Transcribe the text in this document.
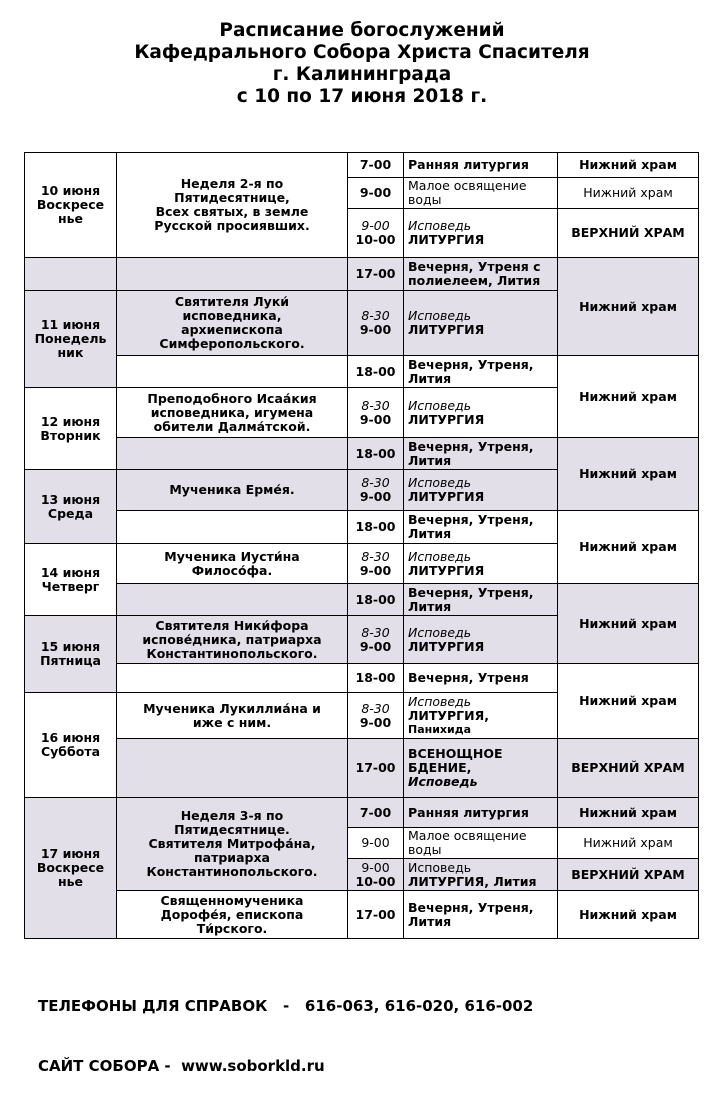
Расписание богослужений
Кафедрального Собора Христа Спасителя
г. Калининграда
с 10 по 17 июня 2018 г.
10 июня
Воскресе
нье	Неделя 2-я по
Пятидесятнице,
Всех святых, в земле
Русской просиявших.	7-00	Ранняя литургия	Нижний храм
		9-00	Малое освящение воды	Нижний храм

		9-00
10-00	Исповедь
ЛИТУРГИЯ	ВЕРХНИЙ ХРАМ
		17-00	Вечерня, Утреня с полиелеем, Лития	Нижний храм

11 июня
Понедель
ник	Святителя Луки́
исповедника,
архиепископа
Симферопольского.	8-30
9-00	Исповедь
ЛИТУРГИЯ	

		18-00	Вечерня, Утреня, Лития	Нижний храм

12 июня
Вторник	Преподобного Исаа́кия
исповедника, игумена
обители Далма́тской.	8-30
9-00	Исповедь
ЛИТУРГИЯ	

		18-00	Вечерня, Утреня, Лития	Нижний храм

13 июня
Среда	Мученика Ерме́я.	8-30
9-00	Исповедь
ЛИТУРГИЯ	

		18-00	Вечерня, Утреня, Лития	Нижний храм

14 июня
Четверг	Мученика Иусти́на
Филосо́фа.	8-30
9-00	Исповедь
ЛИТУРГИЯ	

		18-00	Вечерня, Утреня, Лития	Нижний храм

15 июня
Пятница	Святителя Ники́фора
испове́дника, патриарха
Константинопольского.	8-30
9-00	Исповедь
ЛИТУРГИЯ	

		18-00	Вечерня, Утреня	Нижний храм

16 июня
Суббота	Мученика Лукиллиа́на и
иже с ним.	8-30
9-00	Исповедь
ЛИТУРГИЯ,
Панихида	

		17-00	ВСЕНОЩНОЕ
БДЕНИЕ,
Исповедь	ВЕРХНИЙ ХРАМ

17 июня
Воскресе
нье	Неделя 3-я по
Пятидесятнице.
Святителя Митрофа́на,
патриарха
Константинопольского.	7-00	Ранняя литургия	Нижний храм
		9-00	Малое освящение воды	Нижний храм

		9-00
10-00	Исповедь
ЛИТУРГИЯ, Лития	ВЕРХНИЙ ХРАМ

	Священномученика
Дорофе́я, епископа
Ти́рского.	17-00	Вечерня, Утреня, Лития	Нижний храм

ТЕЛЕФОНЫ ДЛЯ СПРАВОК - 616-063, 616-020, 616-002

САЙТ СОБОРА - www.soborkld.ru
